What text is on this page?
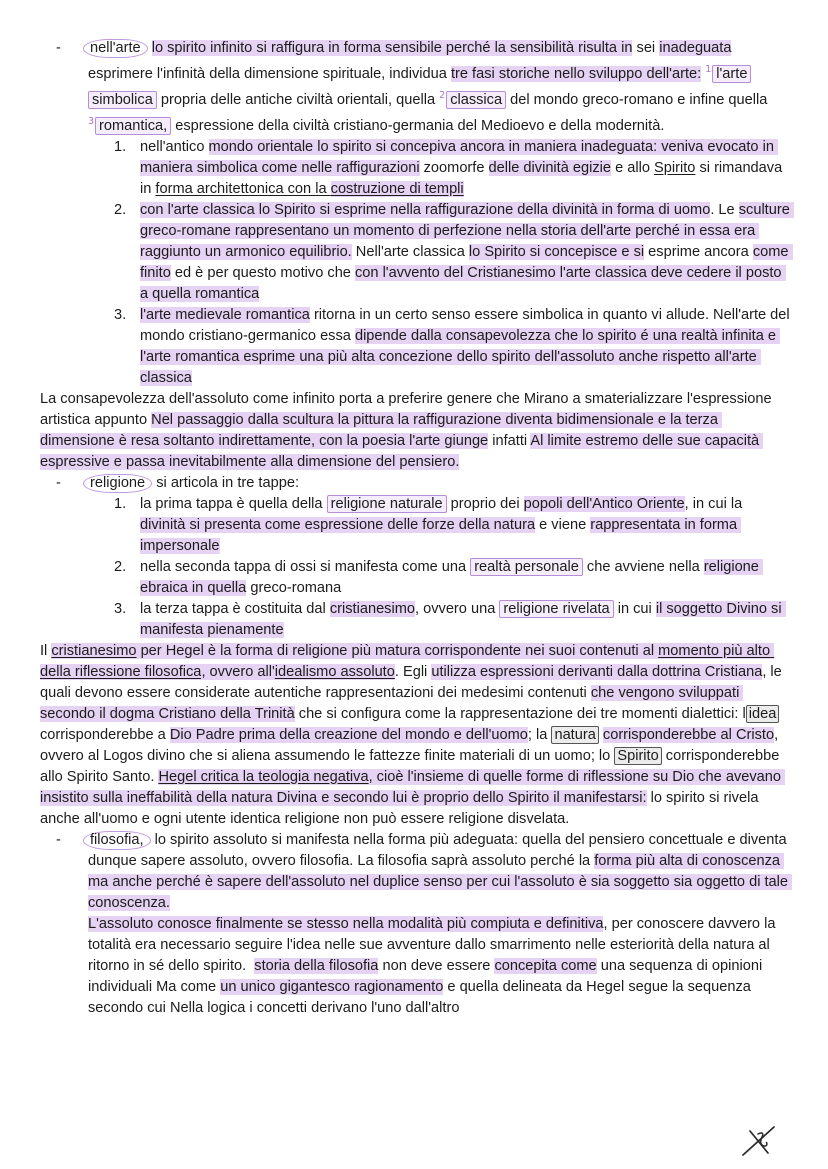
- nell'arte lo spirito infinito si raffigura in forma sensibile perché la sensibilità risulta in sei inadeguata esprimere l'infinità della dimensione spirituale, individua tre fasi storiche nello sviluppo dell'arte: $^1$ l'arte simbolica propria delle antiche civiltà orientali, quella $^2$ classica del mondo greco-romano e infine quella $^3$ romantica, espressione della civiltà cristiano-germania del Medioevo e della modernità.
1. nell'antico mondo orientale lo spirito si concepiva ancora in maniera inadeguata: veniva evocato in maniera simbolica come nelle raffigurazioni zoomorfe delle divinità egizie e allo Spirito si rimandava in forma architettonica con la costruzione di templi
2. con l'arte classica lo Spirito si esprime nella raffigurazione della divinità in forma di uomo. Le sculture greco-romane rappresentano un momento di perfezione nella storia dell'arte perché in essa era raggiunto un armonico equilibrio. Nell'arte classica lo Spirito si concepisce e si esprime ancora come finito ed è per questo motivo che con l'avvento del Cristianesimo l'arte classica deve cedere il posto a quella romantica
3. l'arte medievale romantica ritorna in un certo senso essere simbolica in quanto vi allude. Nell'arte del mondo cristiano-germanico essa dipende dalla consapevolezza che lo spirito é una realtà infinita e l'arte romantica esprime una più alta concezione dello spirito dell'assoluto anche rispetto all'arte classica
La consapevolezza dell'assoluto come infinito porta a preferire genere che Mirano a smaterializzare l'espressione artistica appunto Nel passaggio dalla scultura la pittura la raffigurazione diventa bidimensionale e la terza dimensione è resa soltanto indirettamente, con la poesia l'arte giunge infatti Al limite estremo delle sue capacità espressive e passa inevitabilmente alla dimensione del pensiero.
- religione si articola in tre tappe:
1. la prima tappa è quella della religione naturale proprio dei popoli dell'Antico Oriente, in cui la divinità si presenta come espressione delle forze della natura e viene rappresentata in forma impersonale
2. nella seconda tappa di ossi si manifesta come una realtà personale che avviene nella religione ebraica in quella greco-romana
3. la terza tappa è costituita dal cristianesimo, ovvero una religione rivelata in cui il soggetto Divino si manifesta pienamente
Il cristianesimo per Hegel è la forma di religione più matura corrispondente nei suoi contenuti al momento più alto della riflessione filosofica, ovvero all'idealismo assoluto. Egli utilizza espressioni derivanti dalla dottrina Cristiana, le quali devono essere considerate autentiche rappresentazioni dei medesimi contenuti che vengono sviluppati secondo il dogma Cristiano della Trinità che si configura come la rappresentazione dei tre momenti dialettici: l idea corrisponderebbe a Dio Padre prima della creazione del mondo e dell'uomo; la natura corrisponderebbe al Cristo, ovvero al Logos divino che si aliena assumendo le fattezze finite materiali di un uomo; lo Spirito corrisponderebbe allo Spirito Santo. Hegel critica la teologia negativa, cioè l'insieme di quelle forme di riflessione su Dio che avevano insistito sulla ineffabilità della natura Divina e secondo lui è proprio dello Spirito il manifestarsi: lo spirito si rivela anche all'uomo e ogni utente identica religione non può essere religione disvelata.
- filosofia, lo spirito assoluto si manifesta nella forma più adeguata: quella del pensiero concettuale e diventa dunque sapere assoluto, ovvero filosofia. La filosofia saprà assoluto perché la forma più alta di conoscenza ma anche perché è sapere dell'assoluto nel duplice senso per cui l'assoluto è sia soggetto sia oggetto di tale conoscenza.
L'assoluto conosce finalmente se stesso nella modalità più compiuta e definitiva, per conoscere davvero la totalità era necessario seguire l'idea nelle sue avventure dallo smarrimento nelle esteriorità della natura al ritorno in sé dello spirito.  storia della filosofia non deve essere concepita come una sequenza di opinioni individuali Ma come un unico gigantesco ragionamento e quella delineata da Hegel segue la sequenza secondo cui Nella logica i concetti derivano l'uno dall'altro
